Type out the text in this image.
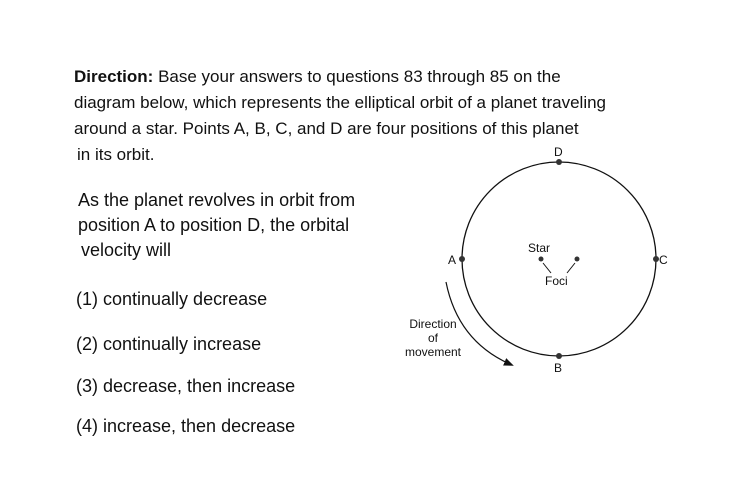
Direction: Base your answers to questions 83 through 85 on the
diagram below, which represents the elliptical orbit of a planet traveling
around a star. Points A, B, C, and D are four positions of this planet
in its orbit.
As the planet revolves in orbit from
position A to position D, the orbital
velocity will
(1) continually decrease
(2) continually increase
(3) decrease, then increase
(4) increase, then decrease
A
B
C
D
Star
Foci
Direction
of
movement
